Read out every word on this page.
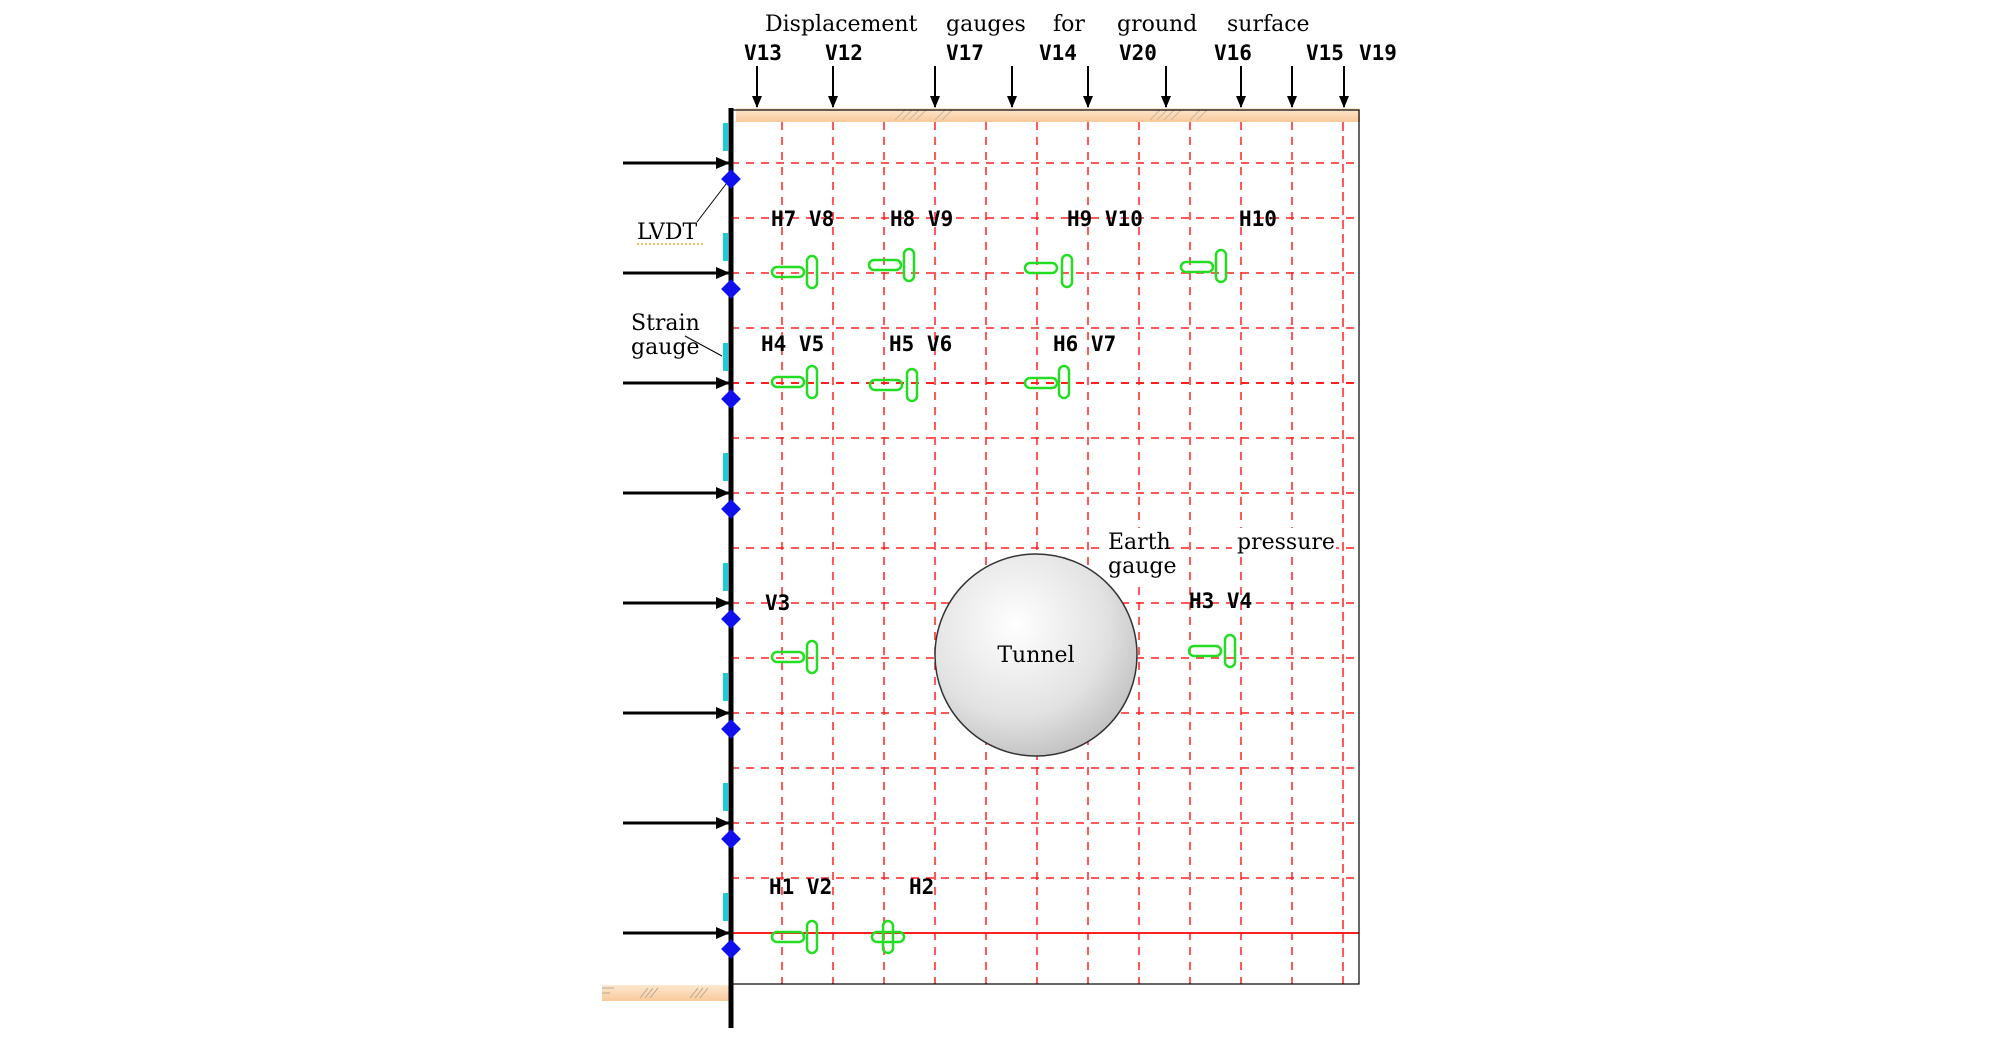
Displacement gauges for ground surface
V13 V12	V17	V14 V20	V16	V15 V19
LVDT
Strain
gauge
Tunnel
Earth
gauge
pressure
H7 V8	H8 V9	H9 V10	H10
H4 V5	H5 V6	H6 V7
V3	H3 V4
H1 V2	H2
